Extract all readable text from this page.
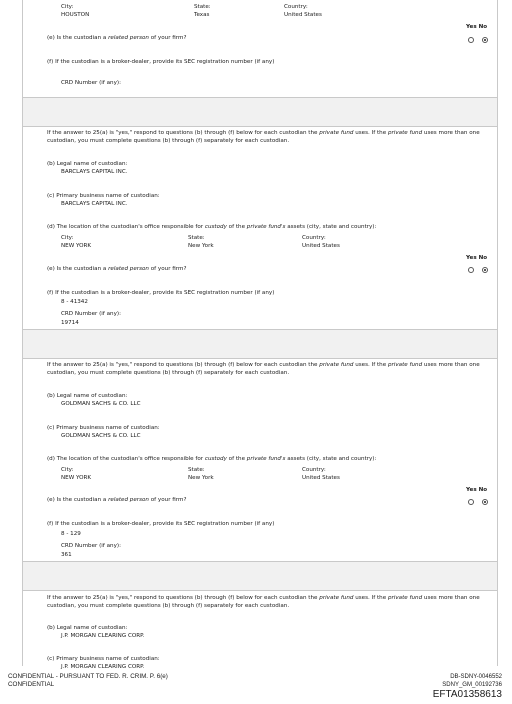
City:
HOUSTON
State:
Texas
Country:
United States
Yes No
(e) Is the custodian a related person of your firm?
(f) If the custodian is a broker-dealer, provide its SEC registration number (if any)
CRD Number (if any):
If the answer to 25(a) is "yes," respond to questions (b) through (f) below for each custodian the private fund uses. If the private fund uses more than one custodian, you must complete questions (b) through (f) separately for each custodian.
(b) Legal name of custodian:
BARCLAYS CAPITAL INC.
(c) Primary business name of custodian:
BARCLAYS CAPITAL INC.
(d) The location of the custodian's office responsible for custody of the private fund's assets (city, state and country):
City:
NEW YORK
State:
New York
Country:
United States
Yes No
(e) Is the custodian a related person of your firm?
(f) If the custodian is a broker-dealer, provide its SEC registration number (if any)
8 - 41342
CRD Number (if any):
19714
If the answer to 25(a) is "yes," respond to questions (b) through (f) below for each custodian the private fund uses. If the private fund uses more than one custodian, you must complete questions (b) through (f) separately for each custodian.
(b) Legal name of custodian:
GOLDMAN SACHS & CO. LLC
(c) Primary business name of custodian:
GOLDMAN SACHS & CO. LLC
(d) The location of the custodian's office responsible for custody of the private fund's assets (city, state and country):
City:
NEW YORK
State:
New York
Country:
United States
Yes No
(e) Is the custodian a related person of your firm?
(f) If the custodian is a broker-dealer, provide its SEC registration number (if any)
8 - 129
CRD Number (if any):
361
If the answer to 25(a) is "yes," respond to questions (b) through (f) below for each custodian the private fund uses. If the private fund uses more than one custodian, you must complete questions (b) through (f) separately for each custodian.
(b) Legal name of custodian:
J.P. MORGAN CLEARING CORP.
(c) Primary business name of custodian:
J.P. MORGAN CLEARING CORP.
CONFIDENTIAL - PURSUANT TO FED. R. CRIM. P. 6(e)
CONFIDENTIAL
DB-SDNY-0046552
SDNY_GM_00192736
EFTA01358613
